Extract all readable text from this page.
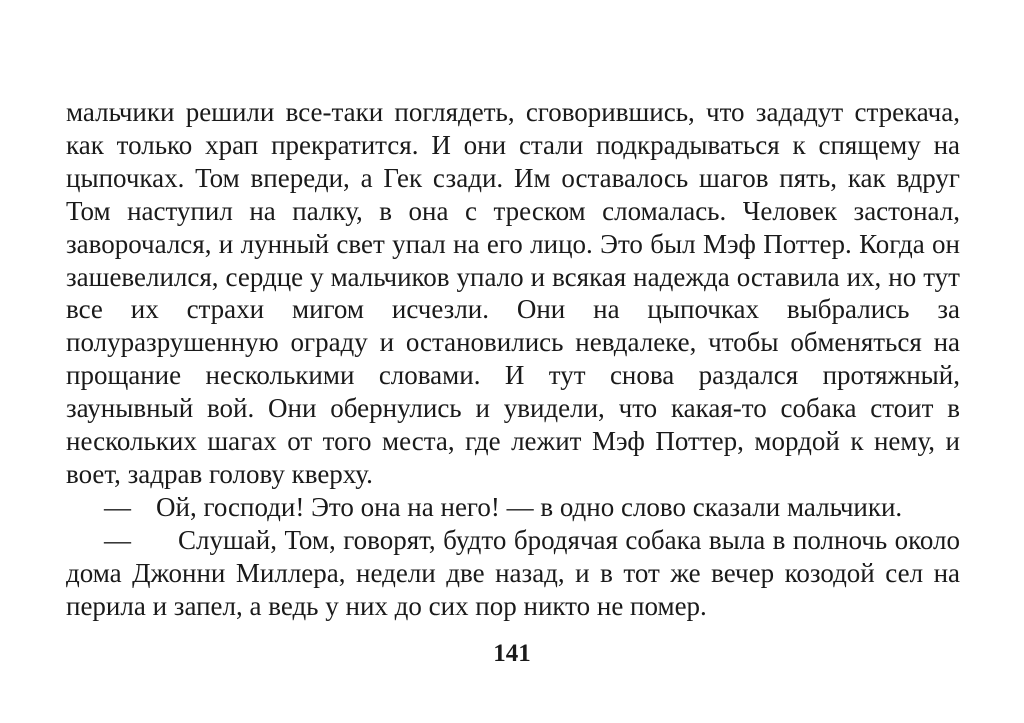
мальчики решили все-таки поглядеть, сговорившись, что зададут стрекача, как только храп прекратится. И они стали подкрадываться к спящему на цыпочках. Том впереди, а Гек сзади. Им оставалось шагов пять, как вдруг Том наступил на палку, в она с треском сломалась. Человек застонал, заворочался, и лунный свет упал на его лицо. Это был Мэф Поттер. Когда он зашевелился, сердце у мальчиков упало и всякая надежда оставила их, но тут все их страхи мигом исчезли. Они на цыпочках выбрались за полуразрушенную ограду и остановились невдалеке, чтобы обменяться на прощание несколькими словами. И тут снова раздался протяжный, заунывный вой. Они обернулись и увидели, что какая-то собака стоит в нескольких шагах от того места, где лежит Мэф Поттер, мордой к нему, и воет, задрав голову кверху.

— Ой, господи! Это она на него! — в одно слово сказали мальчики.

— Слушай, Том, говорят, будто бродячая собака выла в полночь около дома Джонни Миллера, недели две назад, и в тот же вечер козодой сел на перила и запел, а ведь у них до сих пор никто не помер.

141
